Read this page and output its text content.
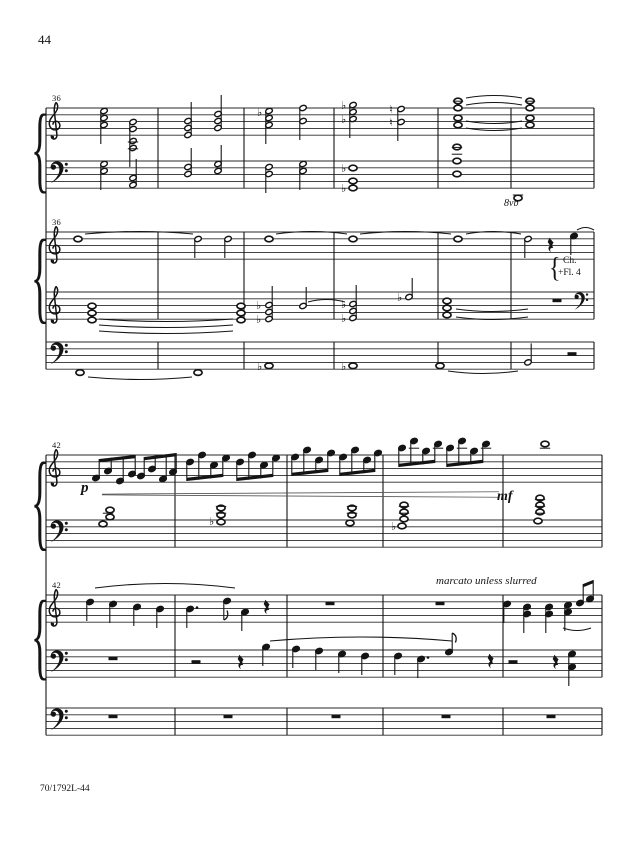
{
{
♭
♭
♭
♮
♮
♭
♭
♭
♭
♭
♭
♭
♭	♭
{
{
♭	♭
44
36
36
42
42
p
mf
8vb
{ Ch.
+Fl. 4
marcato unless slurred
70/1792L-44
